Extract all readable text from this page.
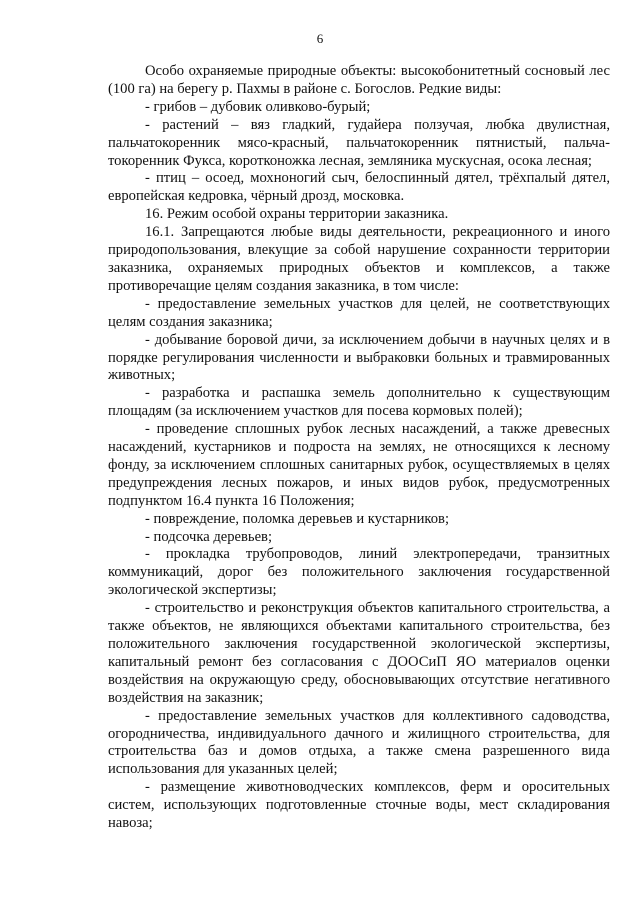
6

Особо охраняемые природные объекты: высокобонитетный сосновый лес (100 га) на берегу р. Пахмы в районе с. Богослов. Редкие виды:

- грибов – дубовик оливково-бурый;

- растений – вяз гладкий, гудайера ползучая, любка двулистная, пальчатокоренник мясо-красный, пальчатокоренник пятнистый, пальчатокоренник Фукса, коротконожка лесная, земляника мускусная, осока лесная;

- птиц – осоед, мохноногий сыч, белоспинный дятел, трёхпалый дятел, европейская кедровка, чёрный дрозд, московка.

16. Режим особой охраны территории заказника.

16.1. Запрещаются любые виды деятельности, рекреационного и иного природопользования, влекущие за собой нарушение сохранности территории заказника, охраняемых природных объектов и комплексов, а также противоречащие целям создания заказника, в том числе:

- предоставление земельных участков для целей, не соответствующих целям создания заказника;

- добывание боровой дичи, за исключением добычи в научных целях и в порядке регулирования численности и выбраковки больных и травмированных животных;

- разработка и распашка земель дополнительно к существующим площадям (за исключением участков для посева кормовых полей);

- проведение сплошных рубок лесных насаждений, а также древесных насаждений, кустарников и подроста на землях, не относящихся к лесному фонду, за исключением сплошных санитарных рубок, осуществляемых в целях предупреждения лесных пожаров, и иных видов рубок, предусмотренных подпунктом 16.4 пункта 16 Положения;

- повреждение, поломка деревьев и кустарников;

- подсочка деревьев;

- прокладка трубопроводов, линий электропередачи, транзитных коммуникаций, дорог без положительного заключения государственной экологической экспертизы;

- строительство и реконструкция объектов капитального строительства, а также объектов, не являющихся объектами капитального строительства, без положительного заключения государственной экологической экспертизы, капитальный ремонт без согласования с ДООСиП ЯО материалов оценки воздействия на окружающую среду, обосновывающих отсутствие негативного воздействия на заказник;

- предоставление земельных участков для коллективного садоводства, огородничества, индивидуального дачного и жилищного строительства, для строительства баз и домов отдыха, а также смена разрешенного вида использования для указанных целей;

- размещение животноводческих комплексов, ферм и оросительных систем, использующих подготовленные сточные воды, мест складирования навоза;
